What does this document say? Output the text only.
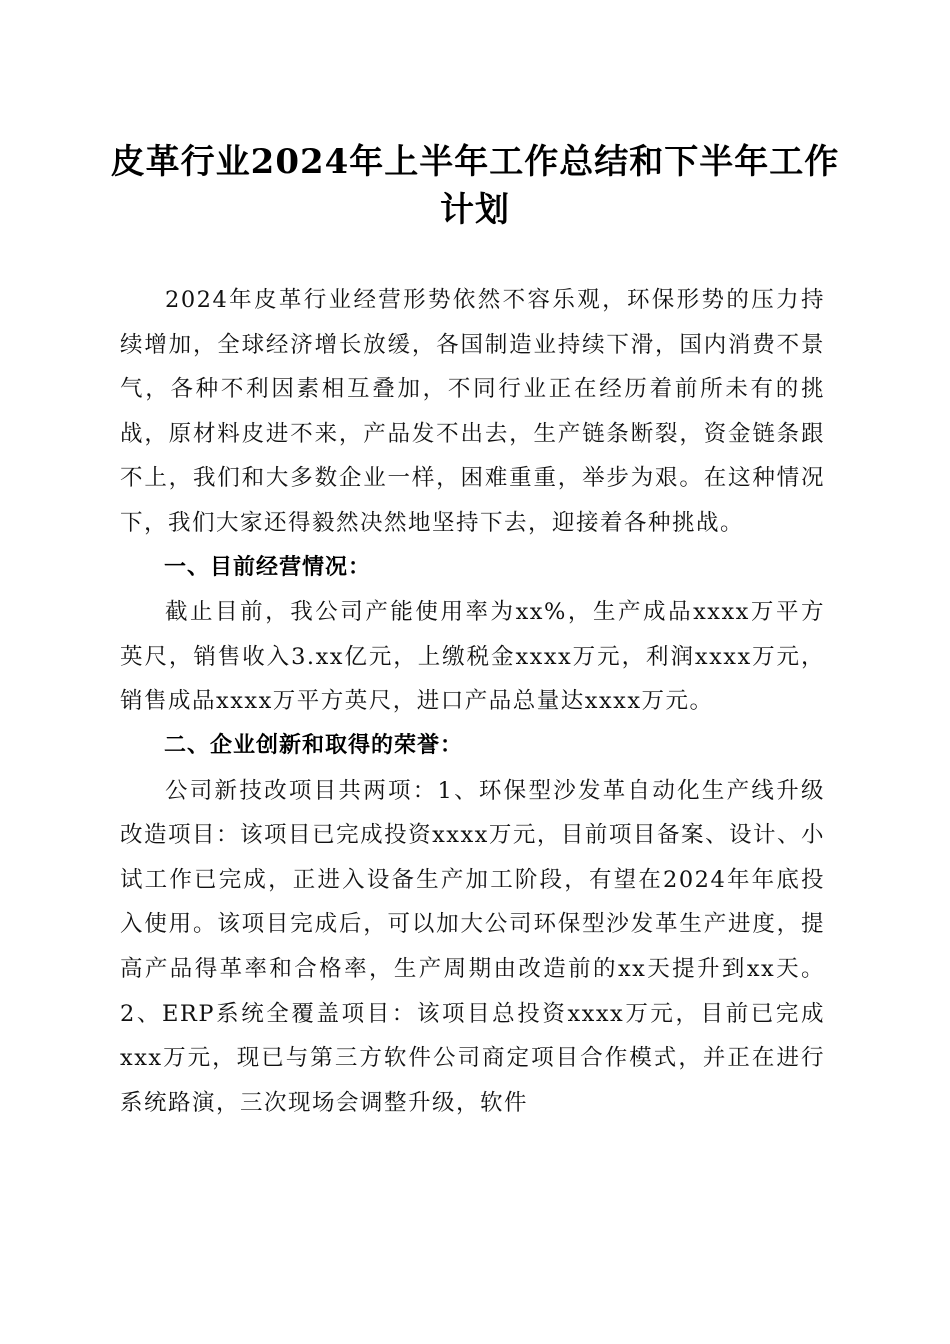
皮革行业2024年上半年工作总结和下半年工作计划

2024年皮革行业经营形势依然不容乐观，环保形势的压力持续增加，全球经济增长放缓，各国制造业持续下滑，国内消费不景气，各种不利因素相互叠加，不同行业正在经历着前所未有的挑战，原材料皮进不来，产品发不出去，生产链条断裂，资金链条跟不上，我们和大多数企业一样，困难重重，举步为艰。在这种情况下，我们大家还得毅然决然地坚持下去，迎接着各种挑战。

一、目前经营情况：

截止目前，我公司产能使用率为xx%，生产成品xxxx万平方英尺，销售收入3.xx亿元，上缴税金xxxx万元，利润xxxx万元，销售成品xxxx万平方英尺，进口产品总量达xxxx万元。

二、企业创新和取得的荣誉：

公司新技改项目共两项：1、环保型沙发革自动化生产线升级改造项目：该项目已完成投资xxxx万元，目前项目备案、设计、小试工作已完成，正进入设备生产加工阶段，有望在2024年年底投入使用。该项目完成后，可以加大公司环保型沙发革生产进度，提高产品得革率和合格率，生产周期由改造前的xx天提升到xx天。2、ERP系统全覆盖项目：该项目总投资xxxx万元，目前已完成xxx万元，现已与第三方软件公司商定项目合作模式，并正在进行系统路演，三次现场会调整升级，软件
